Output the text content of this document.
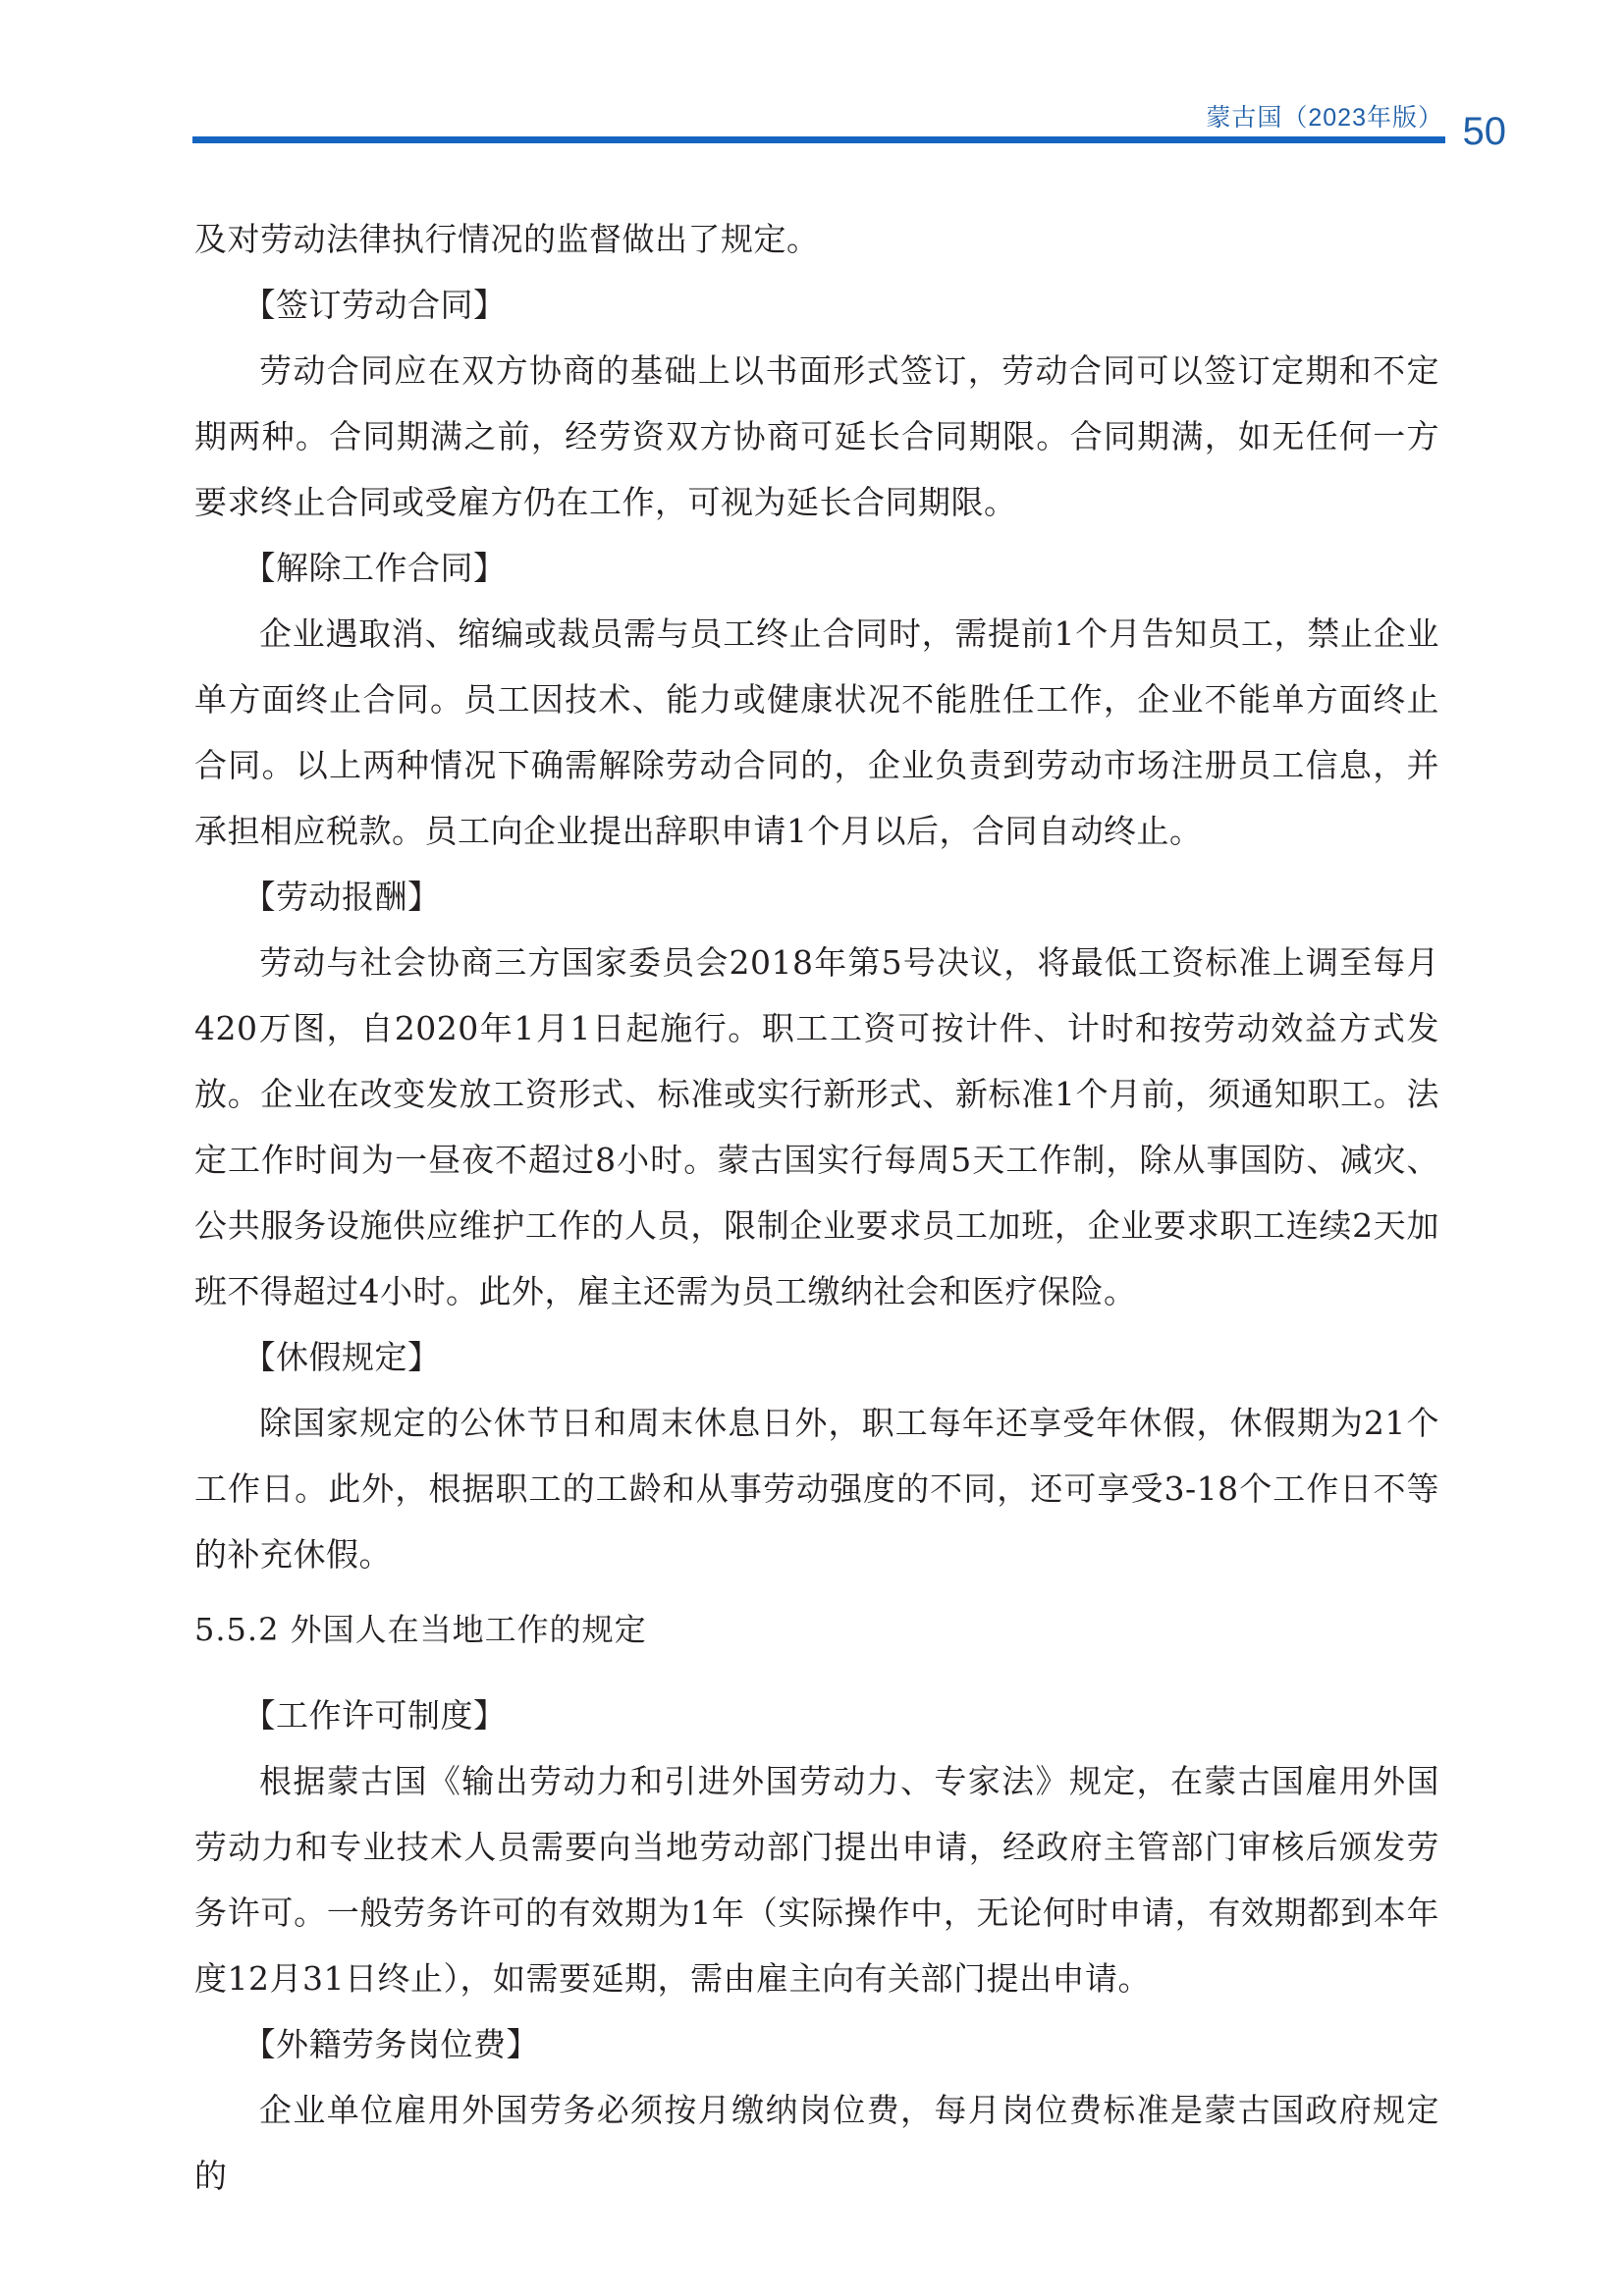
蒙古国（2023年版） 50

及对劳动法律执行情况的监督做出了规定。

【签订劳动合同】

劳动合同应在双方协商的基础上以书面形式签订，劳动合同可以签订定期和不定期两种。合同期满之前，经劳资双方协商可延长合同期限。合同期满，如无任何一方要求终止合同或受雇方仍在工作，可视为延长合同期限。

【解除工作合同】

企业遇取消、缩编或裁员需与员工终止合同时，需提前1个月告知员工，禁止企业单方面终止合同。员工因技术、能力或健康状况不能胜任工作，企业不能单方面终止合同。以上两种情况下确需解除劳动合同的，企业负责到劳动市场注册员工信息，并承担相应税款。员工向企业提出辞职申请1个月以后，合同自动终止。

【劳动报酬】

劳动与社会协商三方国家委员会2018年第5号决议，将最低工资标准上调至每月420万图，自2020年1月1日起施行。职工工资可按计件、计时和按劳动效益方式发放。企业在改变发放工资形式、标准或实行新形式、新标准1个月前，须通知职工。法定工作时间为一昼夜不超过8小时。蒙古国实行每周5天工作制，除从事国防、减灾、公共服务设施供应维护工作的人员，限制企业要求员工加班，企业要求职工连续2天加班不得超过4小时。此外，雇主还需为员工缴纳社会和医疗保险。

【休假规定】

除国家规定的公休节日和周末休息日外，职工每年还享受年休假，休假期为21个工作日。此外，根据职工的工龄和从事劳动强度的不同，还可享受3-18个工作日不等的补充休假。

5.5.2 外国人在当地工作的规定

【工作许可制度】

根据蒙古国《输出劳动力和引进外国劳动力、专家法》规定，在蒙古国雇用外国劳动力和专业技术人员需要向当地劳动部门提出申请，经政府主管部门审核后颁发劳务许可。一般劳务许可的有效期为1年（实际操作中，无论何时申请，有效期都到本年度12月31日终止），如需要延期，需由雇主向有关部门提出申请。

【外籍劳务岗位费】

企业单位雇用外国劳务必须按月缴纳岗位费，每月岗位费标准是蒙古国政府规定的
